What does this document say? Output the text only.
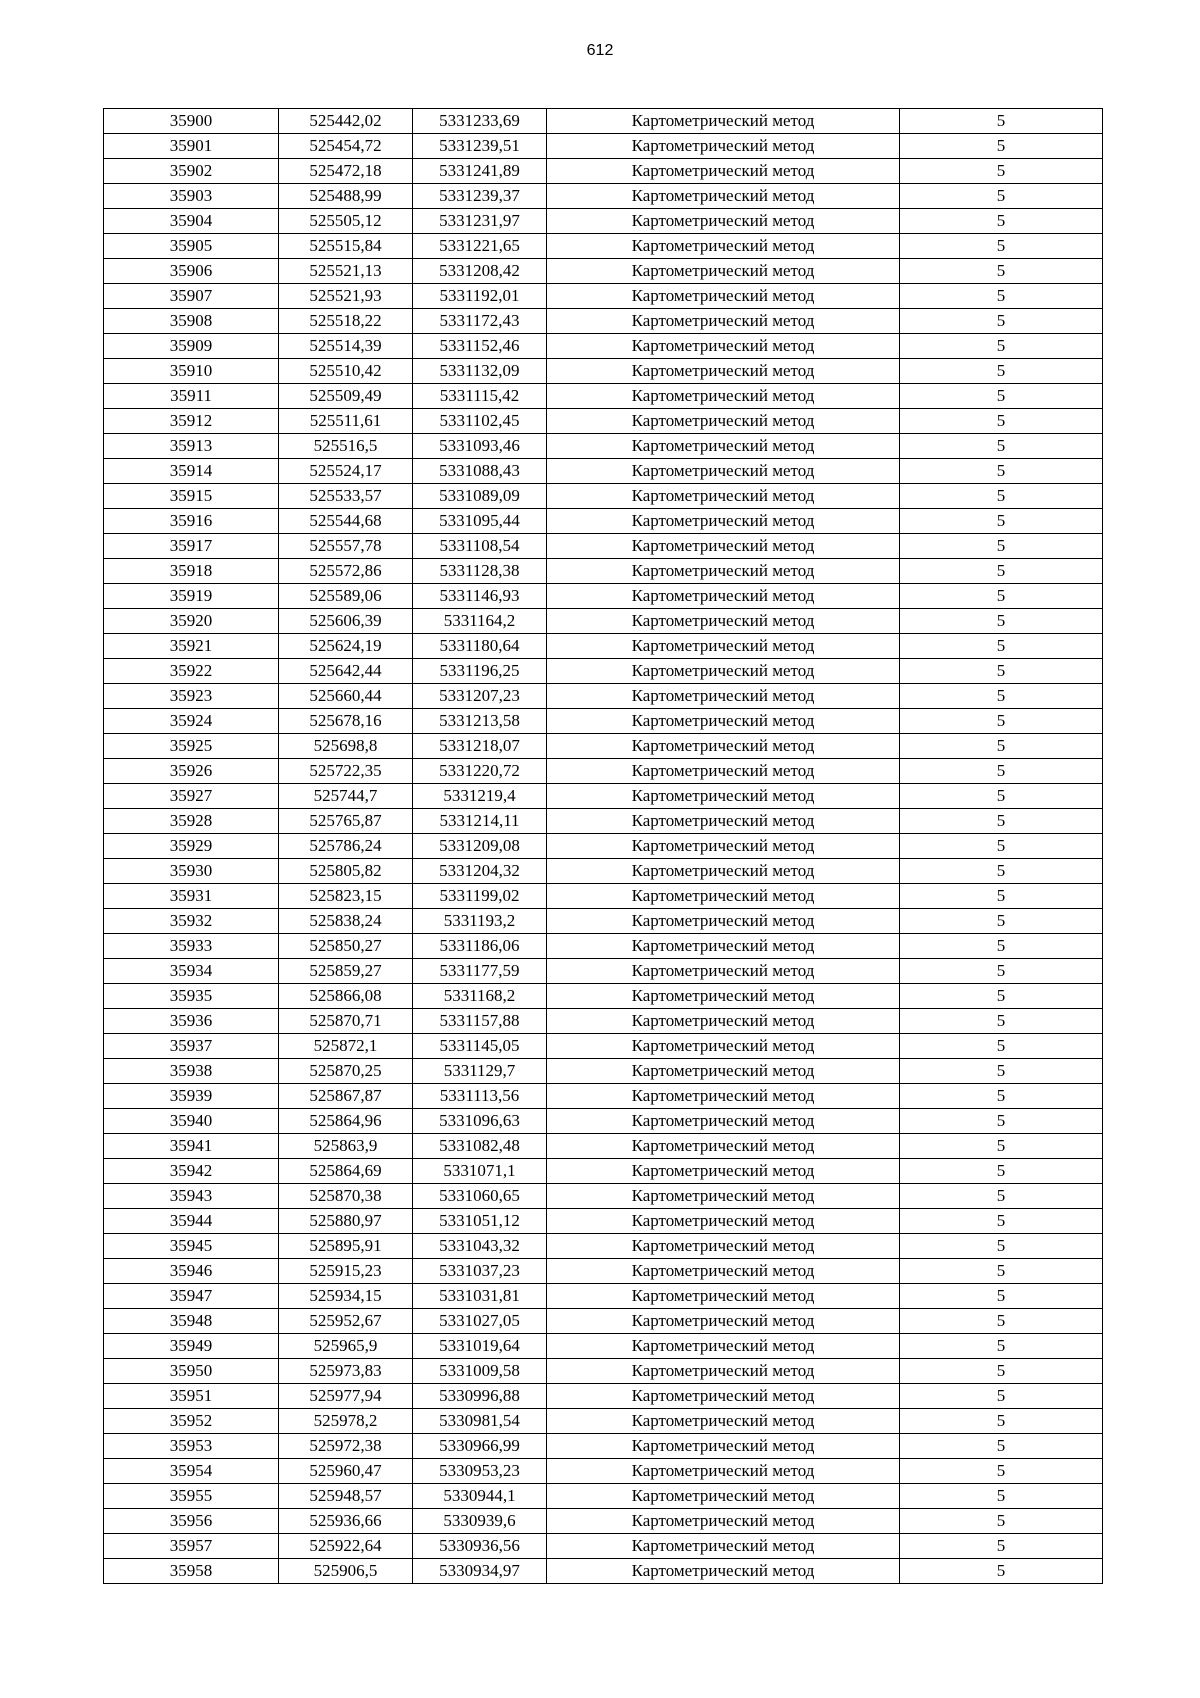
612
35900	525442,02	5331233,69	Картометрический метод	5
35901	525454,72	5331239,51	Картометрический метод	5
35902	525472,18	5331241,89	Картометрический метод	5
35903	525488,99	5331239,37	Картометрический метод	5
35904	525505,12	5331231,97	Картометрический метод	5
35905	525515,84	5331221,65	Картометрический метод	5
35906	525521,13	5331208,42	Картометрический метод	5
35907	525521,93	5331192,01	Картометрический метод	5
35908	525518,22	5331172,43	Картометрический метод	5
35909	525514,39	5331152,46	Картометрический метод	5
35910	525510,42	5331132,09	Картометрический метод	5
35911	525509,49	5331115,42	Картометрический метод	5
35912	525511,61	5331102,45	Картометрический метод	5
35913	525516,5	5331093,46	Картометрический метод	5
35914	525524,17	5331088,43	Картометрический метод	5
35915	525533,57	5331089,09	Картометрический метод	5
35916	525544,68	5331095,44	Картометрический метод	5
35917	525557,78	5331108,54	Картометрический метод	5
35918	525572,86	5331128,38	Картометрический метод	5
35919	525589,06	5331146,93	Картометрический метод	5
35920	525606,39	5331164,2	Картометрический метод	5
35921	525624,19	5331180,64	Картометрический метод	5
35922	525642,44	5331196,25	Картометрический метод	5
35923	525660,44	5331207,23	Картометрический метод	5
35924	525678,16	5331213,58	Картометрический метод	5
35925	525698,8	5331218,07	Картометрический метод	5
35926	525722,35	5331220,72	Картометрический метод	5
35927	525744,7	5331219,4	Картометрический метод	5
35928	525765,87	5331214,11	Картометрический метод	5
35929	525786,24	5331209,08	Картометрический метод	5
35930	525805,82	5331204,32	Картометрический метод	5
35931	525823,15	5331199,02	Картометрический метод	5
35932	525838,24	5331193,2	Картометрический метод	5
35933	525850,27	5331186,06	Картометрический метод	5
35934	525859,27	5331177,59	Картометрический метод	5
35935	525866,08	5331168,2	Картометрический метод	5
35936	525870,71	5331157,88	Картометрический метод	5
35937	525872,1	5331145,05	Картометрический метод	5
35938	525870,25	5331129,7	Картометрический метод	5
35939	525867,87	5331113,56	Картометрический метод	5
35940	525864,96	5331096,63	Картометрический метод	5
35941	525863,9	5331082,48	Картометрический метод	5
35942	525864,69	5331071,1	Картометрический метод	5
35943	525870,38	5331060,65	Картометрический метод	5
35944	525880,97	5331051,12	Картометрический метод	5
35945	525895,91	5331043,32	Картометрический метод	5
35946	525915,23	5331037,23	Картометрический метод	5
35947	525934,15	5331031,81	Картометрический метод	5
35948	525952,67	5331027,05	Картометрический метод	5
35949	525965,9	5331019,64	Картометрический метод	5
35950	525973,83	5331009,58	Картометрический метод	5
35951	525977,94	5330996,88	Картометрический метод	5
35952	525978,2	5330981,54	Картометрический метод	5
35953	525972,38	5330966,99	Картометрический метод	5
35954	525960,47	5330953,23	Картометрический метод	5
35955	525948,57	5330944,1	Картометрический метод	5
35956	525936,66	5330939,6	Картометрический метод	5
35957	525922,64	5330936,56	Картометрический метод	5
35958	525906,5	5330934,97	Картометрический метод	5
